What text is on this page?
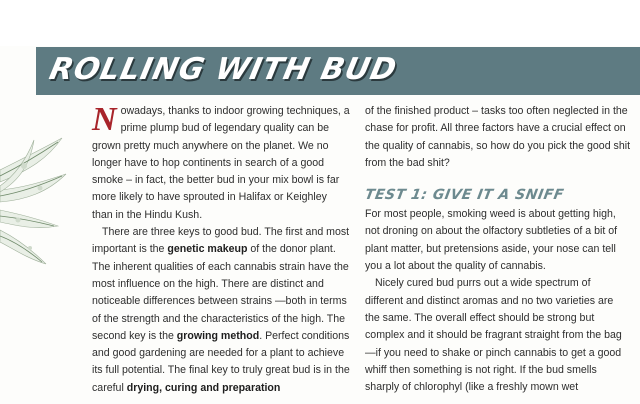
ROLLING WITH BUD

Nowadays, thanks to indoor growing techniques, a prime plump bud of legendary quality can be grown pretty much anywhere on the planet. We no longer have to hop continents in search of a good smoke – in fact, the better bud in your mix bowl is far more likely to have sprouted in Halifax or Keighley than in the Hindu Kush.

There are three keys to good bud. The first and most important is the genetic makeup of the donor plant. The inherent qualities of each cannabis strain have the most influence on the high. There are distinct and noticeable differences between strains —both in terms of the strength and the characteristics of the high. The second key is the growing method. Perfect conditions and good gardening are needed for a plant to achieve its full potential. The final key to truly great bud is in the careful drying, curing and preparation

of the finished product – tasks too often neglected in the chase for profit. All three factors have a crucial effect on the quality of cannabis, so how do you pick the good shit from the bad shit?

TEST 1: GIVE IT A SNIFF

For most people, smoking weed is about getting high, not droning on about the olfactory subtleties of a bit of plant matter, but pretensions aside, your nose can tell you a lot about the quality of cannabis.

Nicely cured bud purrs out a wide spectrum of different and distinct aromas and no two varieties are the same. The overall effect should be strong but complex and it should be fragrant straight from the bag—if you need to shake or pinch cannabis to get a good whiff then something is not right. If the bud smells sharply of chlorophyl (like a freshly mown wet
